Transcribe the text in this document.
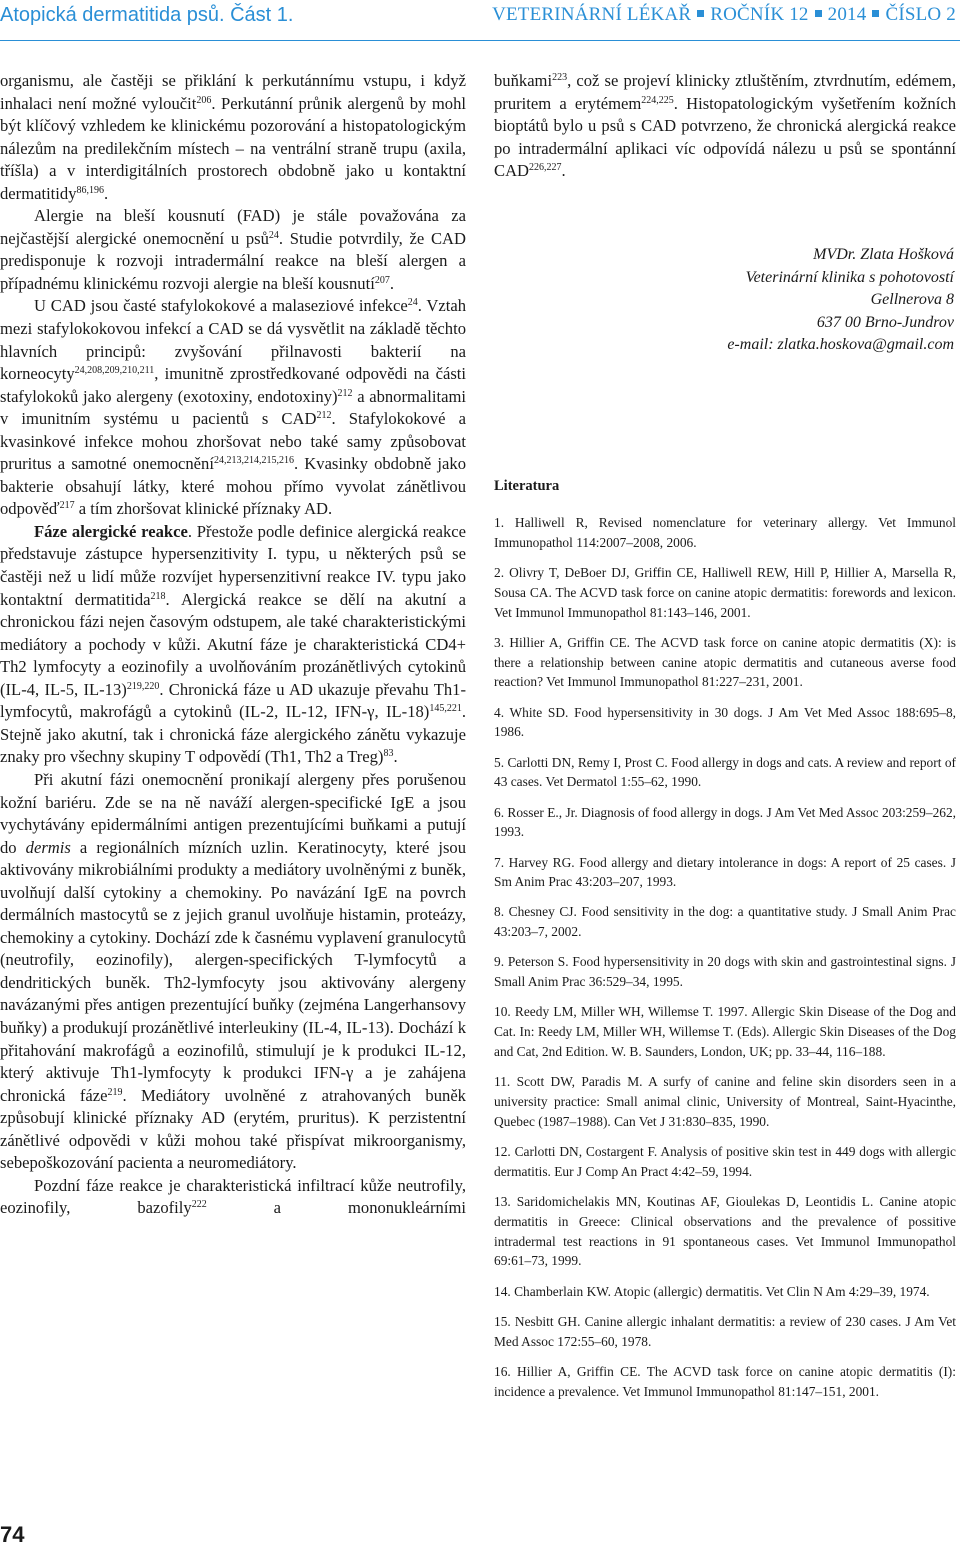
Atopická dermatitida psů. Část 1.	VETERINÁRNÍ LÉKAŘ ROČNÍK 12 2014 ČÍSLO 2

organismu, ale častěji se přiklání k perkutánnímu vstupu, i když inhalaci není možné vyloučit$^{206}$. Perkutánní průnik alergenů by mohl být klíčový vzhledem ke klinickému pozorování a histopatologickým nálezům na predilekčním místech – na ventrální straně trupu (axila, tříšla) a v interdigitálních prostorech obdobně jako u kontaktní dermatitidy$^{86,196}$.

Alergie na bleší kousnutí (FAD) je stále považována za nejčastější alergické onemocnění u psů$^{24}$. Studie potvrdily, že CAD predisponuje k rozvoji intradermální reakce na bleší alergen a případnému klinickému rozvoji alergie na bleší kousnutí$^{207}$.

U CAD jsou časté stafylokokové a malaseziové infekce$^{24}$. Vztah mezi stafylokokovou infekcí a CAD se dá vysvětlit na základě těchto hlavních principů: zvyšování přilnavosti bakterií na korneocyty$^{24,208,209,210,211}$, imunitně zprostředkované odpovědi na části stafylokoků jako alergeny (exotoxiny, endotoxiny)$^{212}$ a abnormalitami v imunitním systému u pacientů s CAD$^{212}$. Stafylokokové a kvasinkové infekce mohou zhoršovat nebo také samy způsobovat pruritus a samotné onemocnění$^{24,213,214,215,216}$. Kvasinky obdobně jako bakterie obsahují látky, které mohou přímo vyvolat zánětlivou odpověď$^{217}$ a tím zhoršovat klinické příznaky AD.

Fáze alergické reakce. Přestože podle definice alergická reakce představuje zástupce hypersenzitivity I. typu, u některých psů se častěji než u lidí může rozvíjet hypersenzitivní reakce IV. typu jako kontaktní dermatitida$^{218}$. Alergická reakce se dělí na akutní a chronickou fázi nejen časovým odstupem, ale také charakteristickými mediátory a pochody v kůži. Akutní fáze je charakteristická CD4+ Th2 lymfocyty a eozinofily a uvolňováním prozánětlivých cytokinů (IL-4, IL-5, IL-13)$^{219,220}$. Chronická fáze u AD ukazuje převahu Th1-lymfocytů, makrofágů a cytokinů (IL-2, IL-12, IFN-γ, IL-18)$^{145,221}$. Stejně jako akutní, tak i chronická fáze alergického zánětu vykazuje znaky pro všechny skupiny T odpovědí (Th1, Th2 a Treg)$^{83}$.

Při akutní fázi onemocnění pronikají alergeny přes porušenou kožní bariéru. Zde se na ně naváží alergen-specifické IgE a jsou vychytávány epidermálními antigen prezentujícími buňkami a putují do dermis a regionálních mízních uzlin. Keratinocyty, které jsou aktivovány mikrobiálními produkty a mediátory uvolněnými z buněk, uvolňují další cytokiny a chemokiny. Po navázání IgE na povrch dermálních mastocytů se z jejich granul uvolňuje histamin, proteázy, chemokiny a cytokiny. Dochází zde k časnému vyplavení granulocytů (neutrofily, eozinofily), alergen-specifických T-lymfocytů a dendritických buněk. Th2-lymfocyty jsou aktivovány alergeny navázanými přes antigen prezentující buňky (zejména Langerhansovy buňky) a produkují prozánětlivé interleukiny (IL-4, IL-13). Dochází k přitahování makrofágů a eozinofilů, stimulují je k produkci IL-12, který aktivuje Th1-lymfocyty k produkci IFN-γ a je zahájena chronická fáze$^{219}$. Mediátory uvolněné z atrahovaných buněk způsobují klinické příznaky AD (erytém, pruritus). K perzistentní zánětlivé odpovědi v kůži mohou také přispívat mikroorganismy, sebepoškozování pacienta a neuromediátory.

Pozdní fáze reakce je charakteristická infiltrací kůže neutrofily, eozinofily, bazofily$^{222}$ a mononukleárními

buňkami$^{223}$, což se projeví klinicky ztluštěním, ztvrdnutím, edémem, pruritem a erytémem$^{224,225}$. Histopatologickým vyšetřením kožních bioptátů bylo u psů s CAD potvrzeno, že chronická alergická reakce po intradermální aplikaci víc odpovídá nálezu u psů se spontánní CAD$^{226,227}$.

MVDr. Zlata Hošková
Veterinární klinika s pohotovostí
Gellnerova 8
637 00 Brno-Jundrov
e-mail: zlatka.hoskova@gmail.com
Literatura

1. Halliwell R, Revised nomenclature for veterinary allergy. Vet Immunol Immunopathol 114:2007–2008, 2006.

2. Olivry T, DeBoer DJ, Griffin CE, Halliwell REW, Hill P, Hillier A, Marsella R, Sousa CA. The ACVD task force on canine atopic dermatitis: forewords and lexicon. Vet Immunol Immunopathol 81:143–146, 2001.

3. Hillier A, Griffin CE. The ACVD task force on canine atopic dermatitis (X): is there a relationship between canine atopic dermatitis and cutaneous averse food reaction? Vet Immunol Immunopathol 81:227–231, 2001.

4. White SD. Food hypersensitivity in 30 dogs. J Am Vet Med Assoc 188:695–8, 1986.

5. Carlotti DN, Remy I, Prost C. Food allergy in dogs and cats. A review and report of 43 cases. Vet Dermatol 1:55–62, 1990.

6. Rosser E., Jr. Diagnosis of food allergy in dogs. J Am Vet Med Assoc 203:259–262, 1993.

7. Harvey RG. Food allergy and dietary intolerance in dogs: A report of 25 cases. J Sm Anim Prac 43:203–207, 1993.

8. Chesney CJ. Food sensitivity in the dog: a quantitative study. J Small Anim Prac 43:203–7, 2002.

9. Peterson S. Food hypersensitivity in 20 dogs with skin and gastrointestinal signs. J Small Anim Prac 36:529–34, 1995.

10. Reedy LM, Miller WH, Willemse T. 1997. Allergic Skin Disease of the Dog and Cat. In: Reedy LM, Miller WH, Willemse T. (Eds). Allergic Skin Diseases of the Dog and Cat, 2nd Edition. W. B. Saunders, London, UK; pp. 33–44, 116–188.

11. Scott DW, Paradis M. A surfy of canine and feline skin disorders seen in a university practice: Small animal clinic, University of Montreal, Saint-Hyacinthe, Quebec (1987–1988). Can Vet J 31:830–835, 1990.

12. Carlotti DN, Costargent F. Analysis of positive skin test in 449 dogs with allergic dermatitis. Eur J Comp An Pract 4:42–59, 1994.

13. Saridomichelakis MN, Koutinas AF, Gioulekas D, Leontidis L. Canine atopic dermatitis in Greece: Clinical observations and the prevalence of possitive intradermal test reactions in 91 spontaneous cases. Vet Immunol Immunopathol 69:61–73, 1999.

14. Chamberlain KW. Atopic (allergic) dermatitis. Vet Clin N Am 4:29–39, 1974.

15. Nesbitt GH. Canine allergic inhalant dermatitis: a review of 230 cases. J Am Vet Med Assoc 172:55–60, 1978.

16. Hillier A, Griffin CE. The ACVD task force on canine atopic dermatitis (I): incidence a prevalence. Vet Immunol Immunopathol 81:147–151, 2001.

74
